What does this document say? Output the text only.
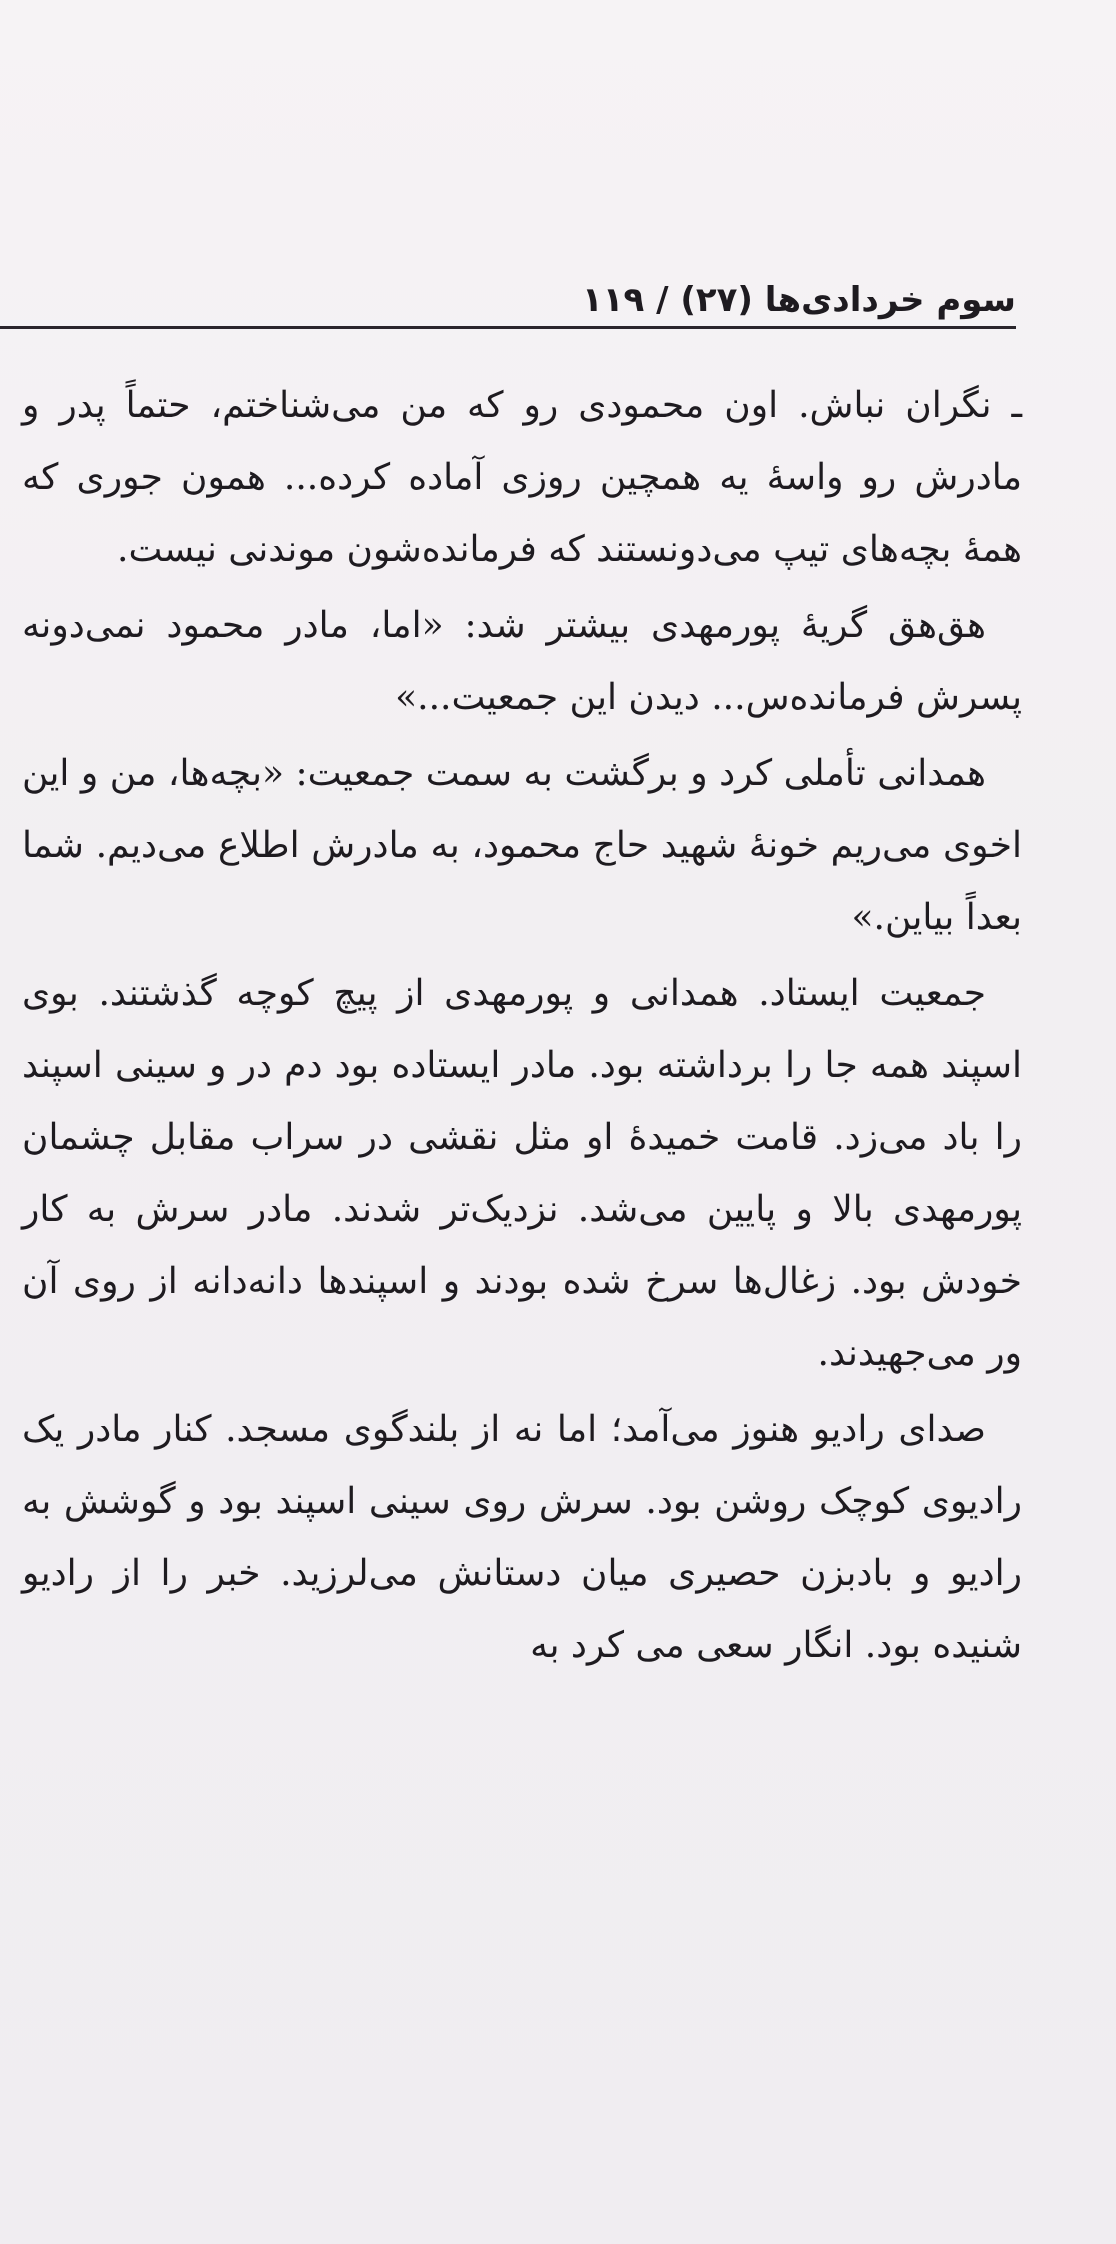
سوم خردادی‌ها (۲۷) / ۱۱۹

ـ نگران نباش. اون محمودی رو که من می‌شناختم، حتماً پدر و مادرش رو واسهٔ یه همچین روزی آماده کرده... همون جوری که همهٔ بچه‌های تیپ می‌دونستند که فرمانده‌شون موندنی نیست.

هق‌هق گریهٔ پورمهدی بیشتر شد: «اما، مادر محمود نمی‌دونه پسرش فرمانده‌س... دیدن این جمعیت...»

همدانی تأملی کرد و برگشت به سمت جمعیت: «بچه‌ها، من و این اخوی می‌ریم خونهٔ شهید حاج محمود، به مادرش اطلاع می‌دیم. شما بعداً بیاین.»

جمعیت ایستاد. همدانی و پورمهدی از پیچ کوچه گذشتند. بوی اسپند همه جا را برداشته بود. مادر ایستاده بود دم در و سینی اسپند را باد می‌زد. قامت خمیدهٔ او مثل نقشی در سراب مقابل چشمان پورمهدی بالا و پایین می‌شد. نزدیک‌تر شدند. مادر سرش به کار خودش بود. زغال‌ها سرخ شده بودند و اسپندها دانه‌دانه از روی آن ور می‌جهیدند.

صدای رادیو هنوز می‌آمد؛ اما نه از بلندگوی مسجد. کنار مادر یک رادیوی کوچک روشن بود. سرش روی سینی اسپند بود و گوشش به رادیو و بادبزن حصیری میان دستانش می‌لرزید. خبر را از رادیو شنیده بود. انگار سعی می کرد به
